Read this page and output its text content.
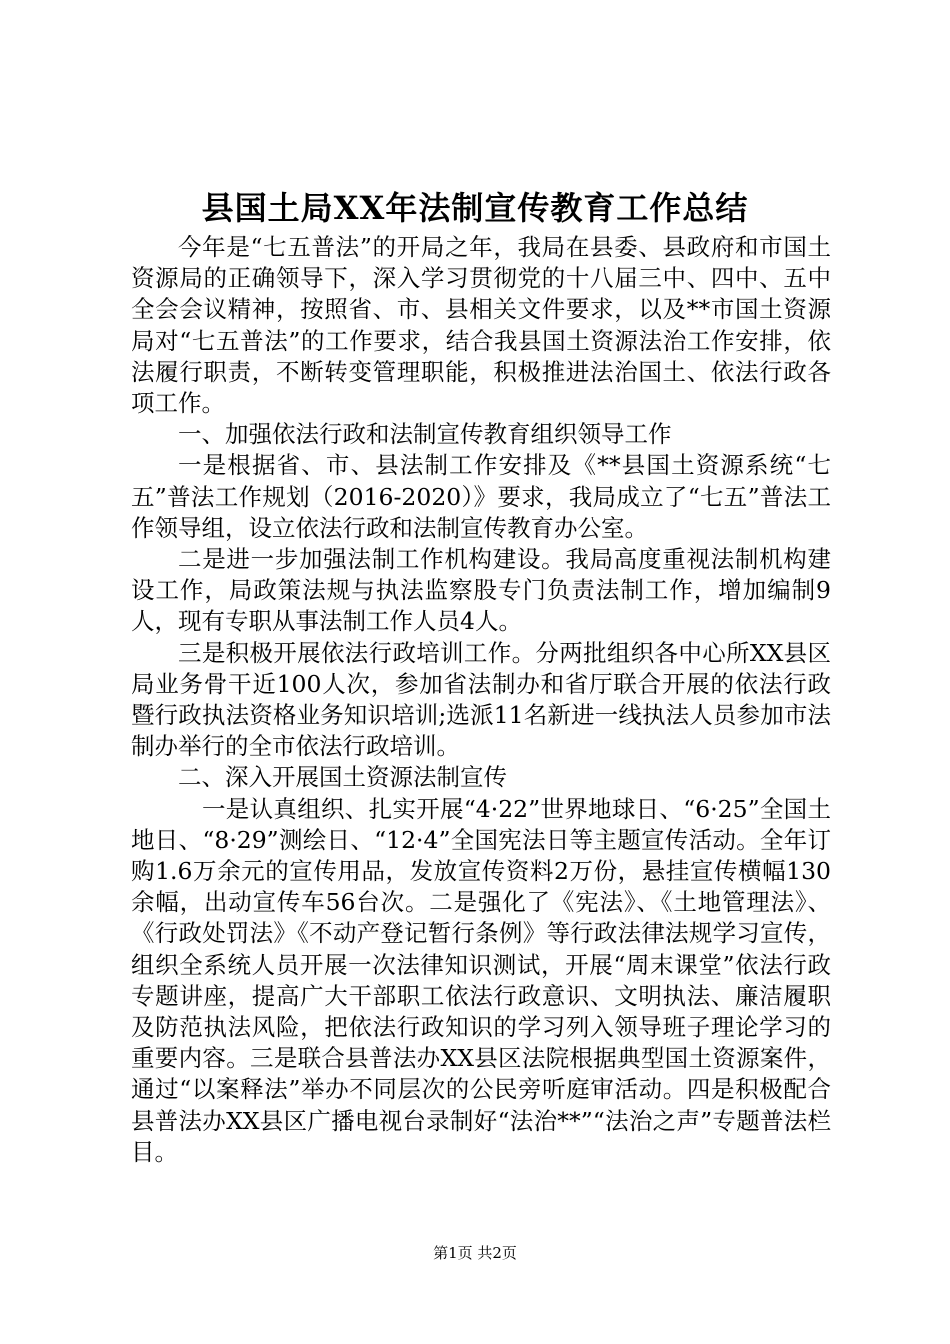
县国土局XX年法制宣传教育工作总结

今年是“七五普法”的开局之年，我局在县委、县政府和市国土资源局的正确领导下，深入学习贯彻党的十八届三中、四中、五中全会会议精神，按照省、市、县相关文件要求，以及**市国土资源局对“七五普法”的工作要求，结合我县国土资源法治工作安排，依法履行职责，不断转变管理职能，积极推进法治国土、依法行政各项工作。

一、加强依法行政和法制宣传教育组织领导工作

一是根据省、市、县法制工作安排及《**县国土资源系统“七五”普法工作规划（2016-2020）》要求，我局成立了“七五”普法工作领导组，设立依法行政和法制宣传教育办公室。

二是进一步加强法制工作机构建设。我局高度重视法制机构建设工作，局政策法规与执法监察股专门负责法制工作，增加编制9人，现有专职从事法制工作人员4人。

三是积极开展依法行政培训工作。分两批组织各中心所XX县区局业务骨干近100人次，参加省法制办和省厅联合开展的依法行政暨行政执法资格业务知识培训;选派11名新进一线执法人员参加市法制办举行的全市依法行政培训。

二、深入开展国土资源法制宣传

一是认真组织、扎实开展“4·22”世界地球日、“6·25”全国土地日、“8·29”测绘日、“12·4”全国宪法日等主题宣传活动。全年订购1.6万余元的宣传用品，发放宣传资料2万份，悬挂宣传横幅130余幅，出动宣传车56台次。二是强化了《宪法》、《土地管理法》、《行政处罚法》《不动产登记暂行条例》等行政法律法规学习宣传，组织全系统人员开展一次法律知识测试，开展“周末课堂”依法行政专题讲座，提高广大干部职工依法行政意识、文明执法、廉洁履职及防范执法风险，把依法行政知识的学习列入领导班子理论学习的重要内容。三是联合县普法办XX县区法院根据典型国土资源案件，通过“以案释法”举办不同层次的公民旁听庭审活动。四是积极配合县普法办XX县区广播电视台录制好“法治**”“法治之声”专题普法栏目。

第1页 共2页
